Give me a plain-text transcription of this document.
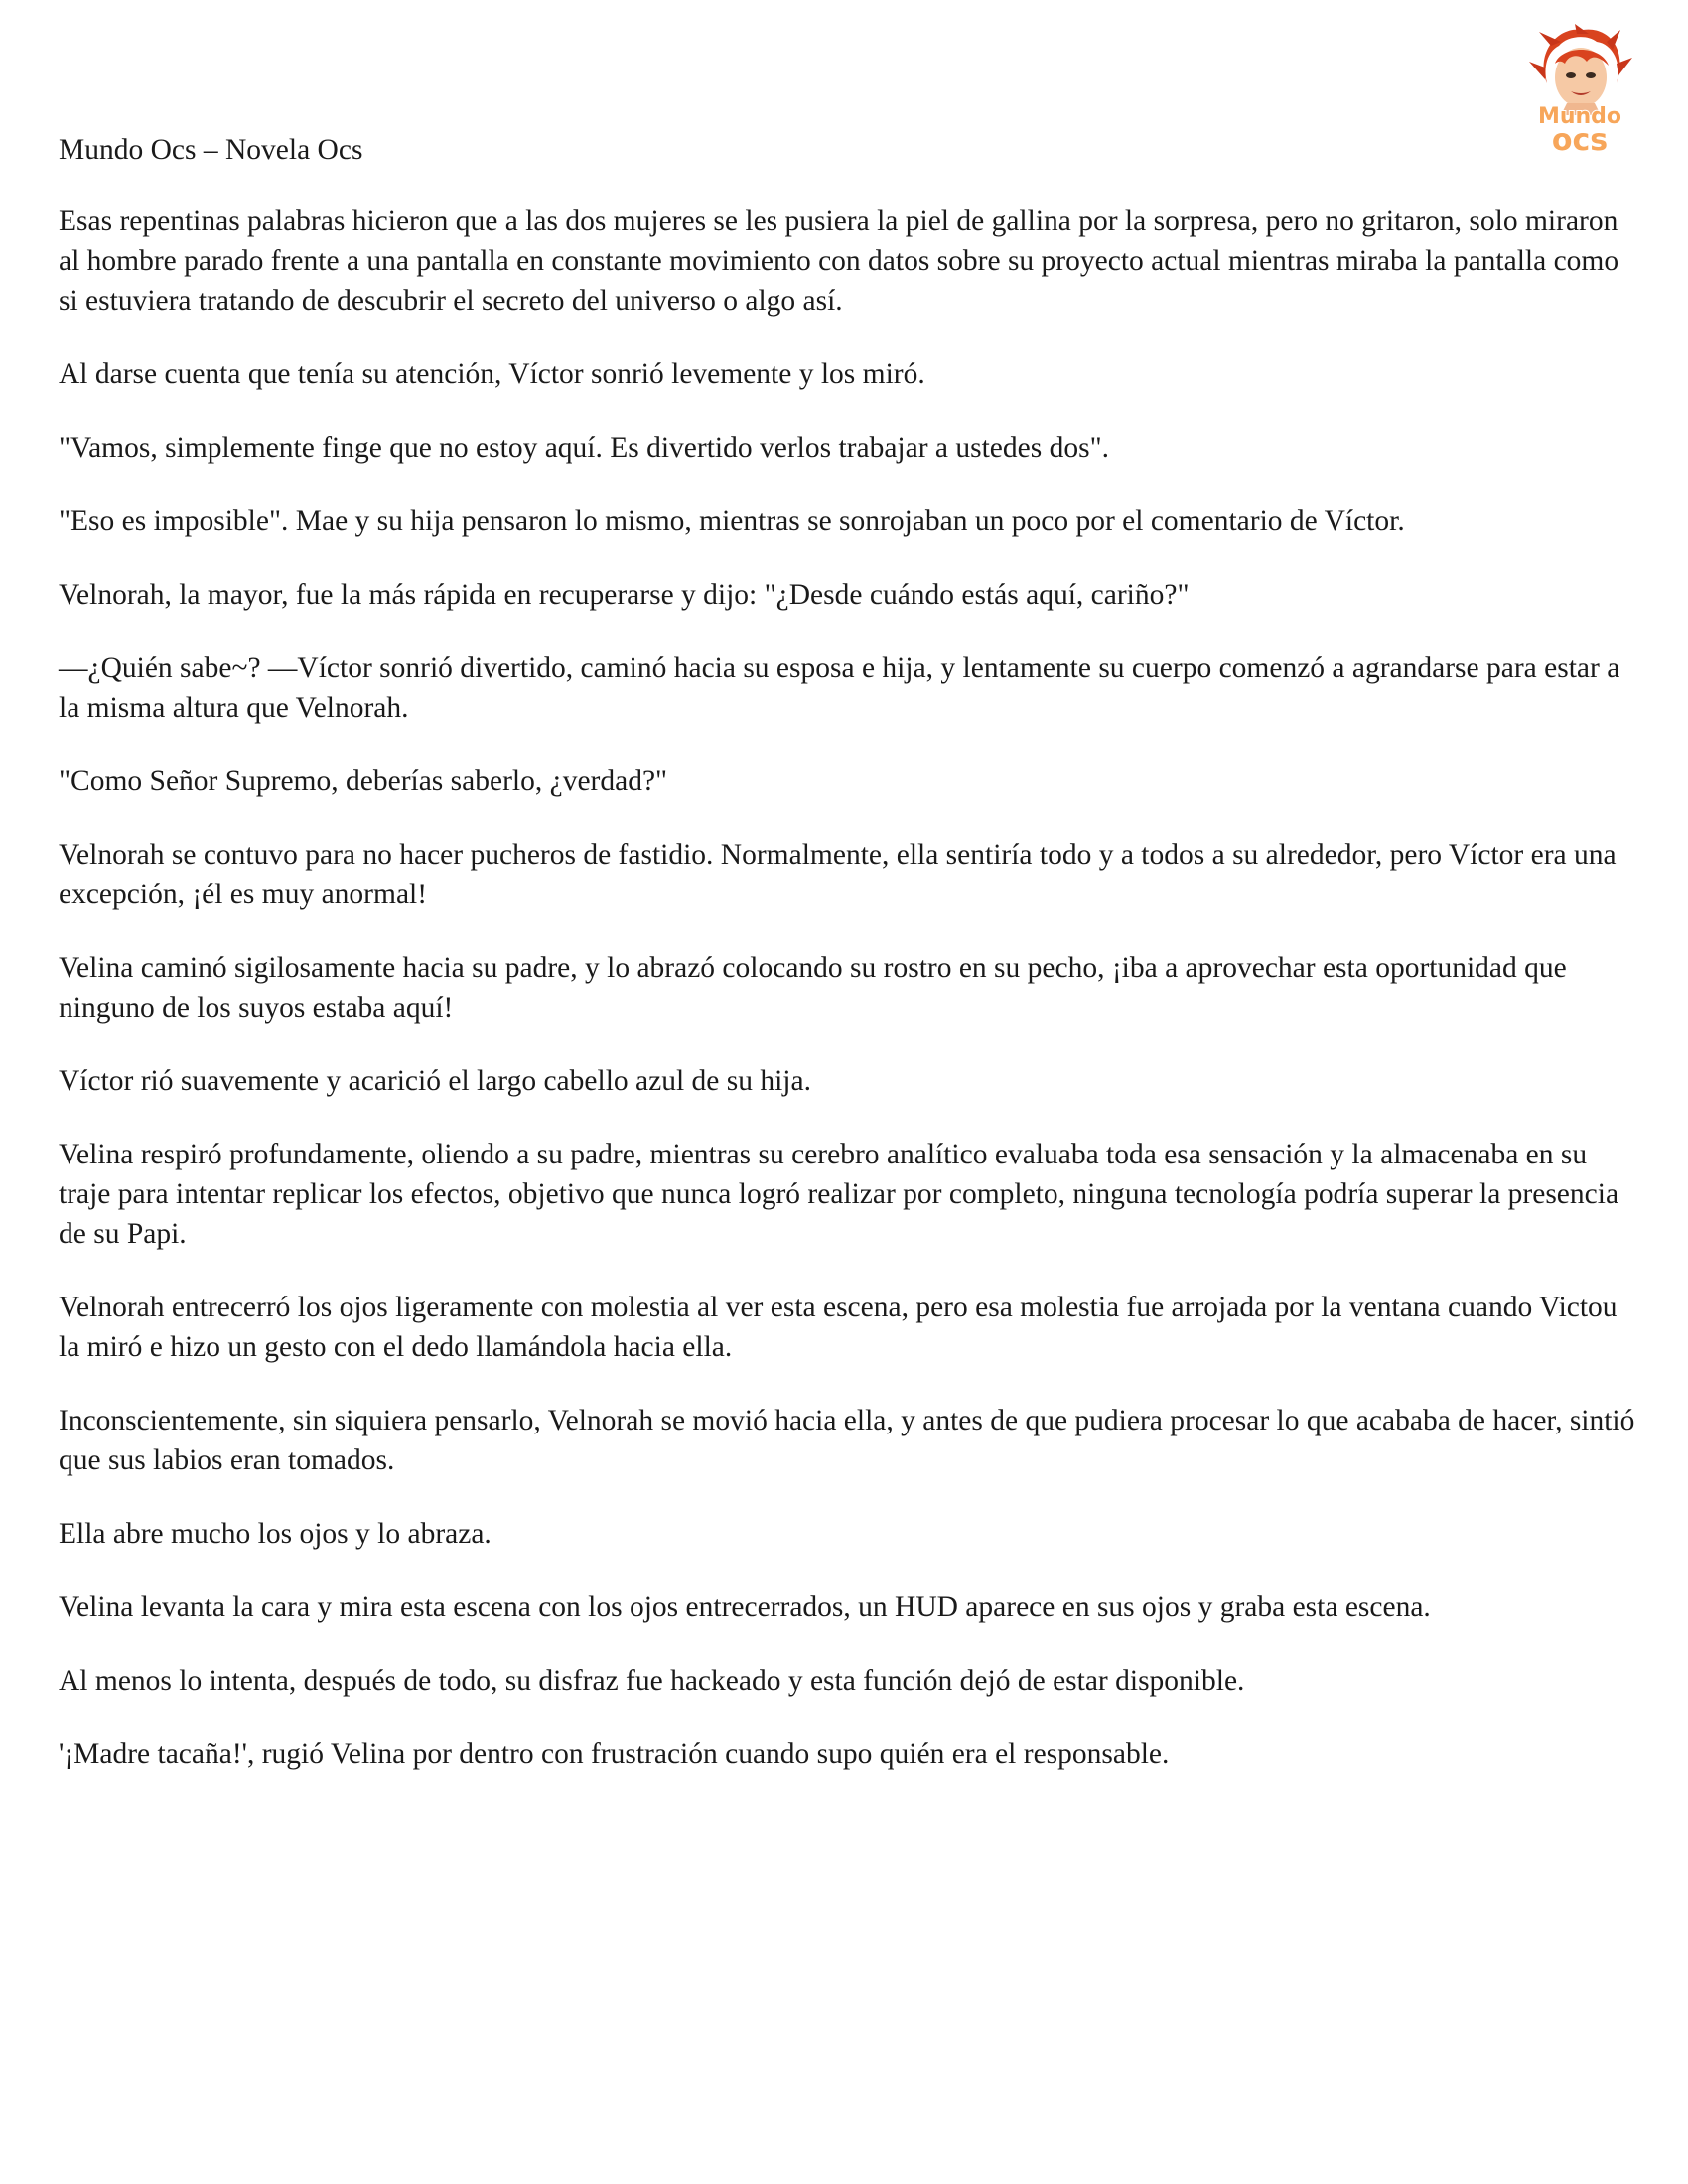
Mundo
ocs
Mundo Ocs – Novela Ocs

Esas repentinas palabras hicieron que a las dos mujeres se les pusiera la piel de gallina por la sorpresa, pero no gritaron, solo miraron al hombre parado frente a una pantalla en constante movimiento con datos sobre su proyecto actual mientras miraba la pantalla como si estuviera tratando de descubrir el secreto del universo o algo así.

Al darse cuenta que tenía su atención, Víctor sonrió levemente y los miró.

"Vamos, simplemente finge que no estoy aquí. Es divertido verlos trabajar a ustedes dos".

"Eso es imposible". Mae y su hija pensaron lo mismo, mientras se sonrojaban un poco por el comentario de Víctor.

Velnorah, la mayor, fue la más rápida en recuperarse y dijo: "¿Desde cuándo estás aquí, cariño?"

—¿Quién sabe~? —Víctor sonrió divertido, caminó hacia su esposa e hija, y lentamente su cuerpo comenzó a agrandarse para estar a la misma altura que Velnorah.

"Como Señor Supremo, deberías saberlo, ¿verdad?"

Velnorah se contuvo para no hacer pucheros de fastidio. Normalmente, ella sentiría todo y a todos a su alrededor, pero Víctor era una excepción, ¡él es muy anormal!

Velina caminó sigilosamente hacia su padre, y lo abrazó colocando su rostro en su pecho, ¡iba a aprovechar esta oportunidad que ninguno de los suyos estaba aquí!

Víctor rió suavemente y acarició el largo cabello azul de su hija.

Velina respiró profundamente, oliendo a su padre, mientras su cerebro analítico evaluaba toda esa sensación y la almacenaba en su traje para intentar replicar los efectos, objetivo que nunca logró realizar por completo, ninguna tecnología podría superar la presencia de su Papi.

Velnorah entrecerró los ojos ligeramente con molestia al ver esta escena, pero esa molestia fue arrojada por la ventana cuando Victou la miró e hizo un gesto con el dedo llamándola hacia ella.

Inconscientemente, sin siquiera pensarlo, Velnorah se movió hacia ella, y antes de que pudiera procesar lo que acababa de hacer, sintió que sus labios eran tomados.

Ella abre mucho los ojos y lo abraza.

Velina levanta la cara y mira esta escena con los ojos entrecerrados, un HUD aparece en sus ojos y graba esta escena.

Al menos lo intenta, después de todo, su disfraz fue hackeado y esta función dejó de estar disponible.

'¡Madre tacaña!', rugió Velina por dentro con frustración cuando supo quién era el responsable.
